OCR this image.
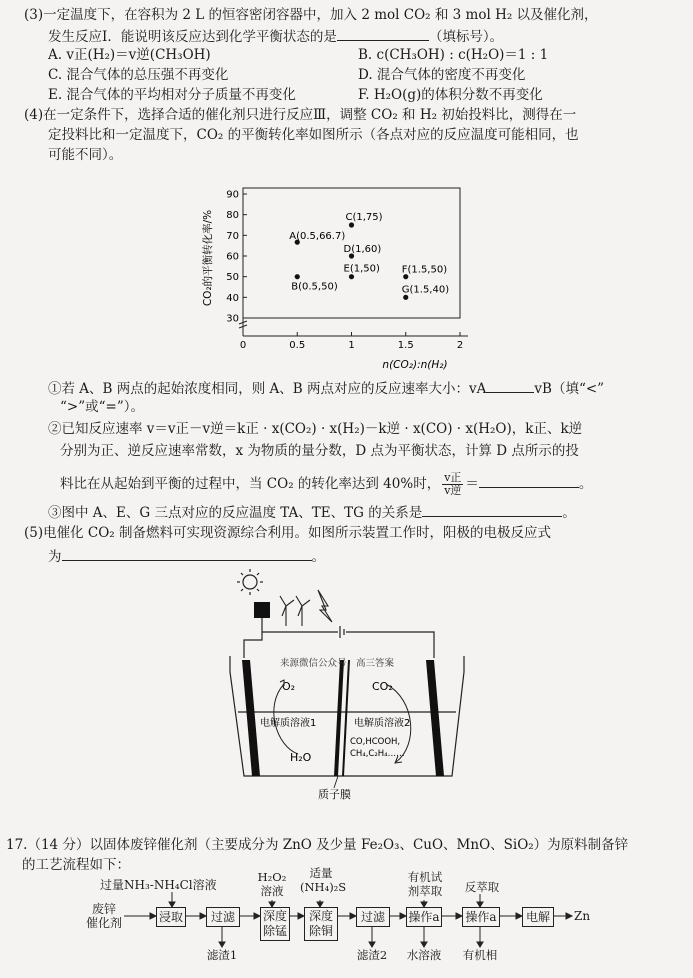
(3)一定温度下，在容积为 2 L 的恒容密闭容器中，加入 2 mol CO₂ 和 3 mol H₂ 以及催化剂，
发生反应Ⅰ．能说明该反应达到化学平衡状态的是	（填标号）。
A. v正(H₂)＝v逆(CH₃OH)	B. c(CH₃OH) : c(H₂O)＝1 : 1
C. 混合气体的总压强不再变化	D. 混合气体的密度不再变化
E. 混合气体的平均相对分子质量不再变化	F. H₂O(g)的体积分数不再变化
(4)在一定条件下，选择合适的催化剂只进行反应Ⅲ，调整 CO₂ 和 H₂ 初始投料比，测得在一
定投料比和一定温度下，CO₂ 的平衡转化率如图所示（各点对应的反应温度可能相同，也
可能不同）。
30
40
50
60
70
80
90
0	0.5	1	1.5	2
A(0.5,66.7)
B(0.5,50)
C(1,75)
D(1,60)
E(1,50) F(1.5,50)
G(1.5,40)
CO₂的平衡转化率/%
n(CO₂):n(H₂)
①若 A、B 两点的起始浓度相同，则 A、B 两点对应的反应速率大小：vA	vB（填“<”
“>”或“=”）。
②已知反应速率 v＝v正－v逆＝k正 · x(CO₂) · x(H₂)－k逆 · x(CO) · x(H₂O)，k正、k逆
分别为正、逆反应速率常数，x 为物质的量分数，D 点为平衡状态，计算 D 点所示的投
料比在从起始到平衡的过程中，当 CO₂ 的转化率达到 40%时， v正
v逆 ＝	。
③图中 A、E、G 三点对应的反应温度 TA、TE、TG 的关系是	。
(5)电催化 CO₂ 制备燃料可实现资源综合利用。如图所示装置工作时，阳极的电极反应式
为	。
来源微信公众号：高三答案
O₂	CO₂
电解质溶液1	电解质溶液2
H₂O
CO,HCOOH,
CH₄,C₂H₄……
质子膜
17.（14 分）以固体废锌催化剂（主要成分为 ZnO 及少量 Fe₂O₃、CuO、MnO、SiO₂）为原料制备锌
的工艺流程如下：
过量NH₃-NH₄Cl溶液
H₂O₂
溶液
适量
(NH₄)₂S
有机试
剂萃取	反萃取
废锌
催化剂	浸取	过滤	深度
除锰
深度
除铜
过滤	操作a 操作a	电解	Zn
滤渣1	滤渣2	水溶液	有机相
